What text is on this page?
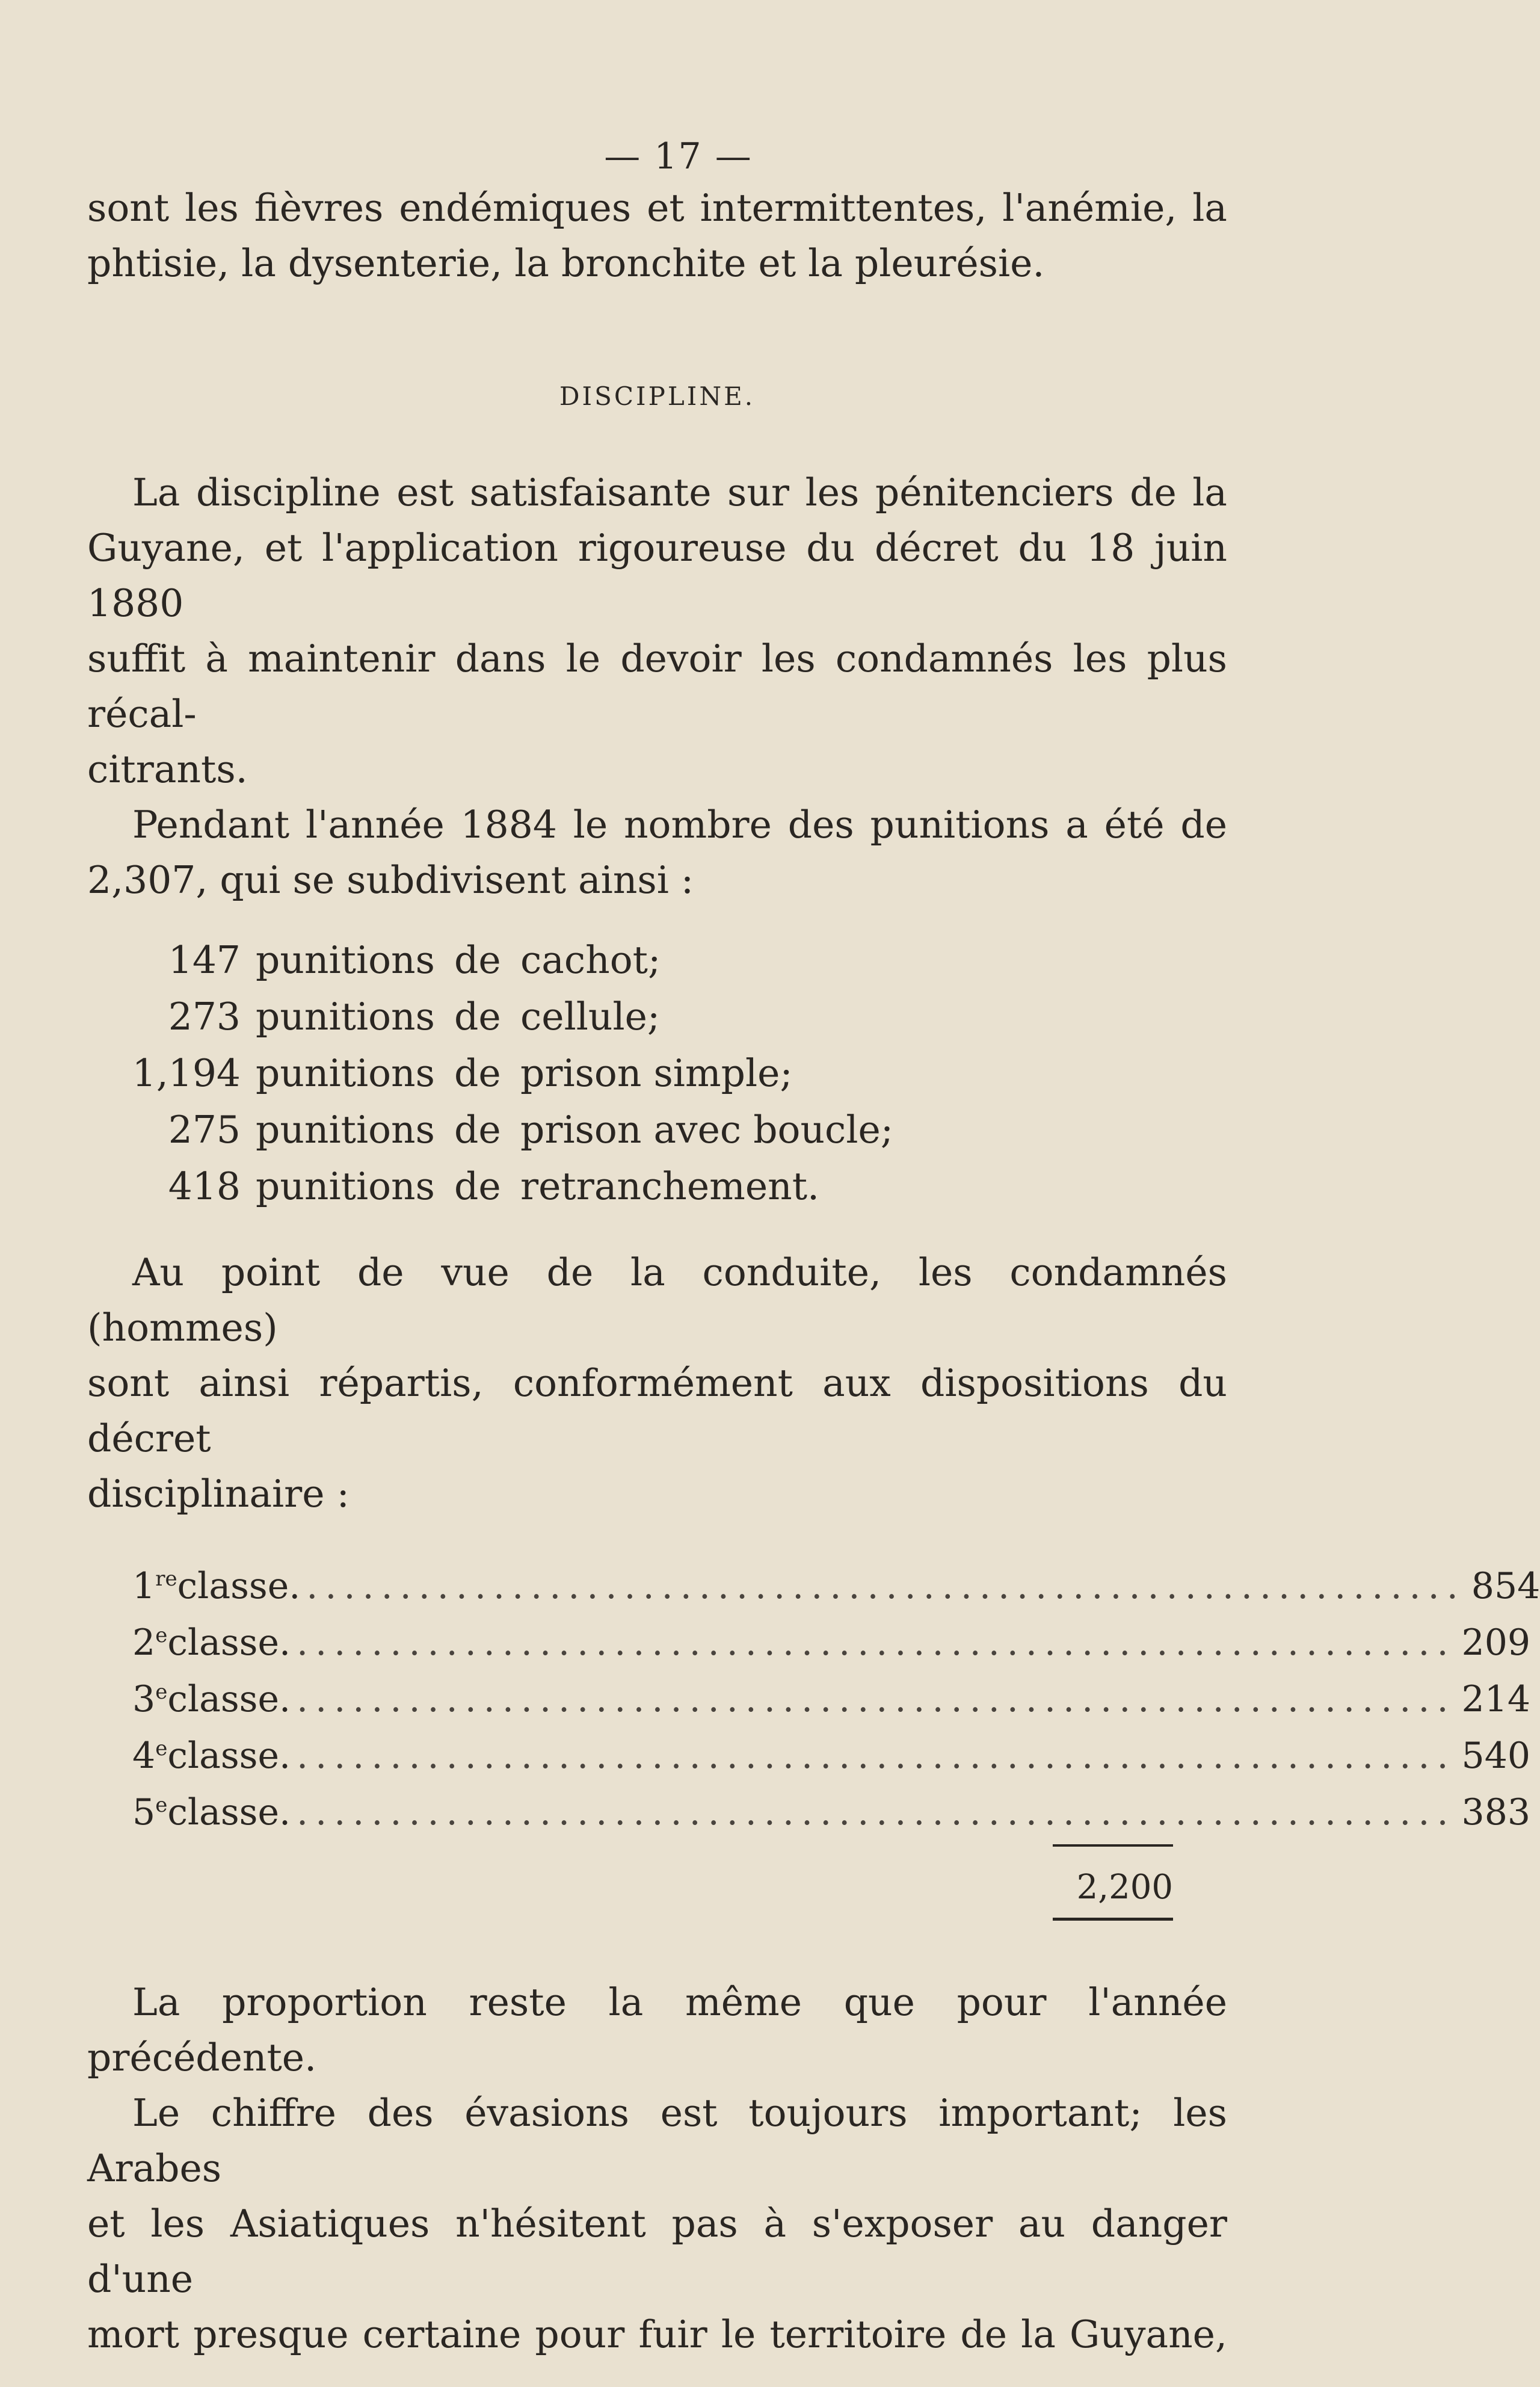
— 17 —

sont les fièvres endémiques et intermittentes, l'anémie, la

phtisie, la dysenterie, la bronchite et la pleurésie.

DISCIPLINE.

La discipline est satisfaisante sur les pénitenciers de la

Guyane, et l'application rigoureuse du décret du 18 juin 1880

suffit à maintenir dans le devoir les condamnés les plus récal-

citrants.

Pendant l'année 1884 le nombre des punitions a été de

2,307, qui se subdivisent ainsi :

147 punitions de cachot;
273 punitions de cellule;
1,194 punitions de prison simple;
275 punitions de prison avec boucle;
418 punitions de retranchement.

Au point de vue de la conduite, les condamnés (hommes)

sont ainsi répartis, conformément aux dispositions du décret

disciplinaire :

1reclasse. .............................................................. 854
2eclasse. .............................................................. 209
3eclasse. .............................................................. 214
4eclasse. .............................................................. 540
5eclasse. .............................................................. 383
2,200

La proportion reste la même que pour l'année précédente.

Le chiffre des évasions est toujours important; les Arabes

et les Asiatiques n'hésitent pas à s'exposer au danger d'une

mort presque certaine pour fuir le territoire de la Guyane,
